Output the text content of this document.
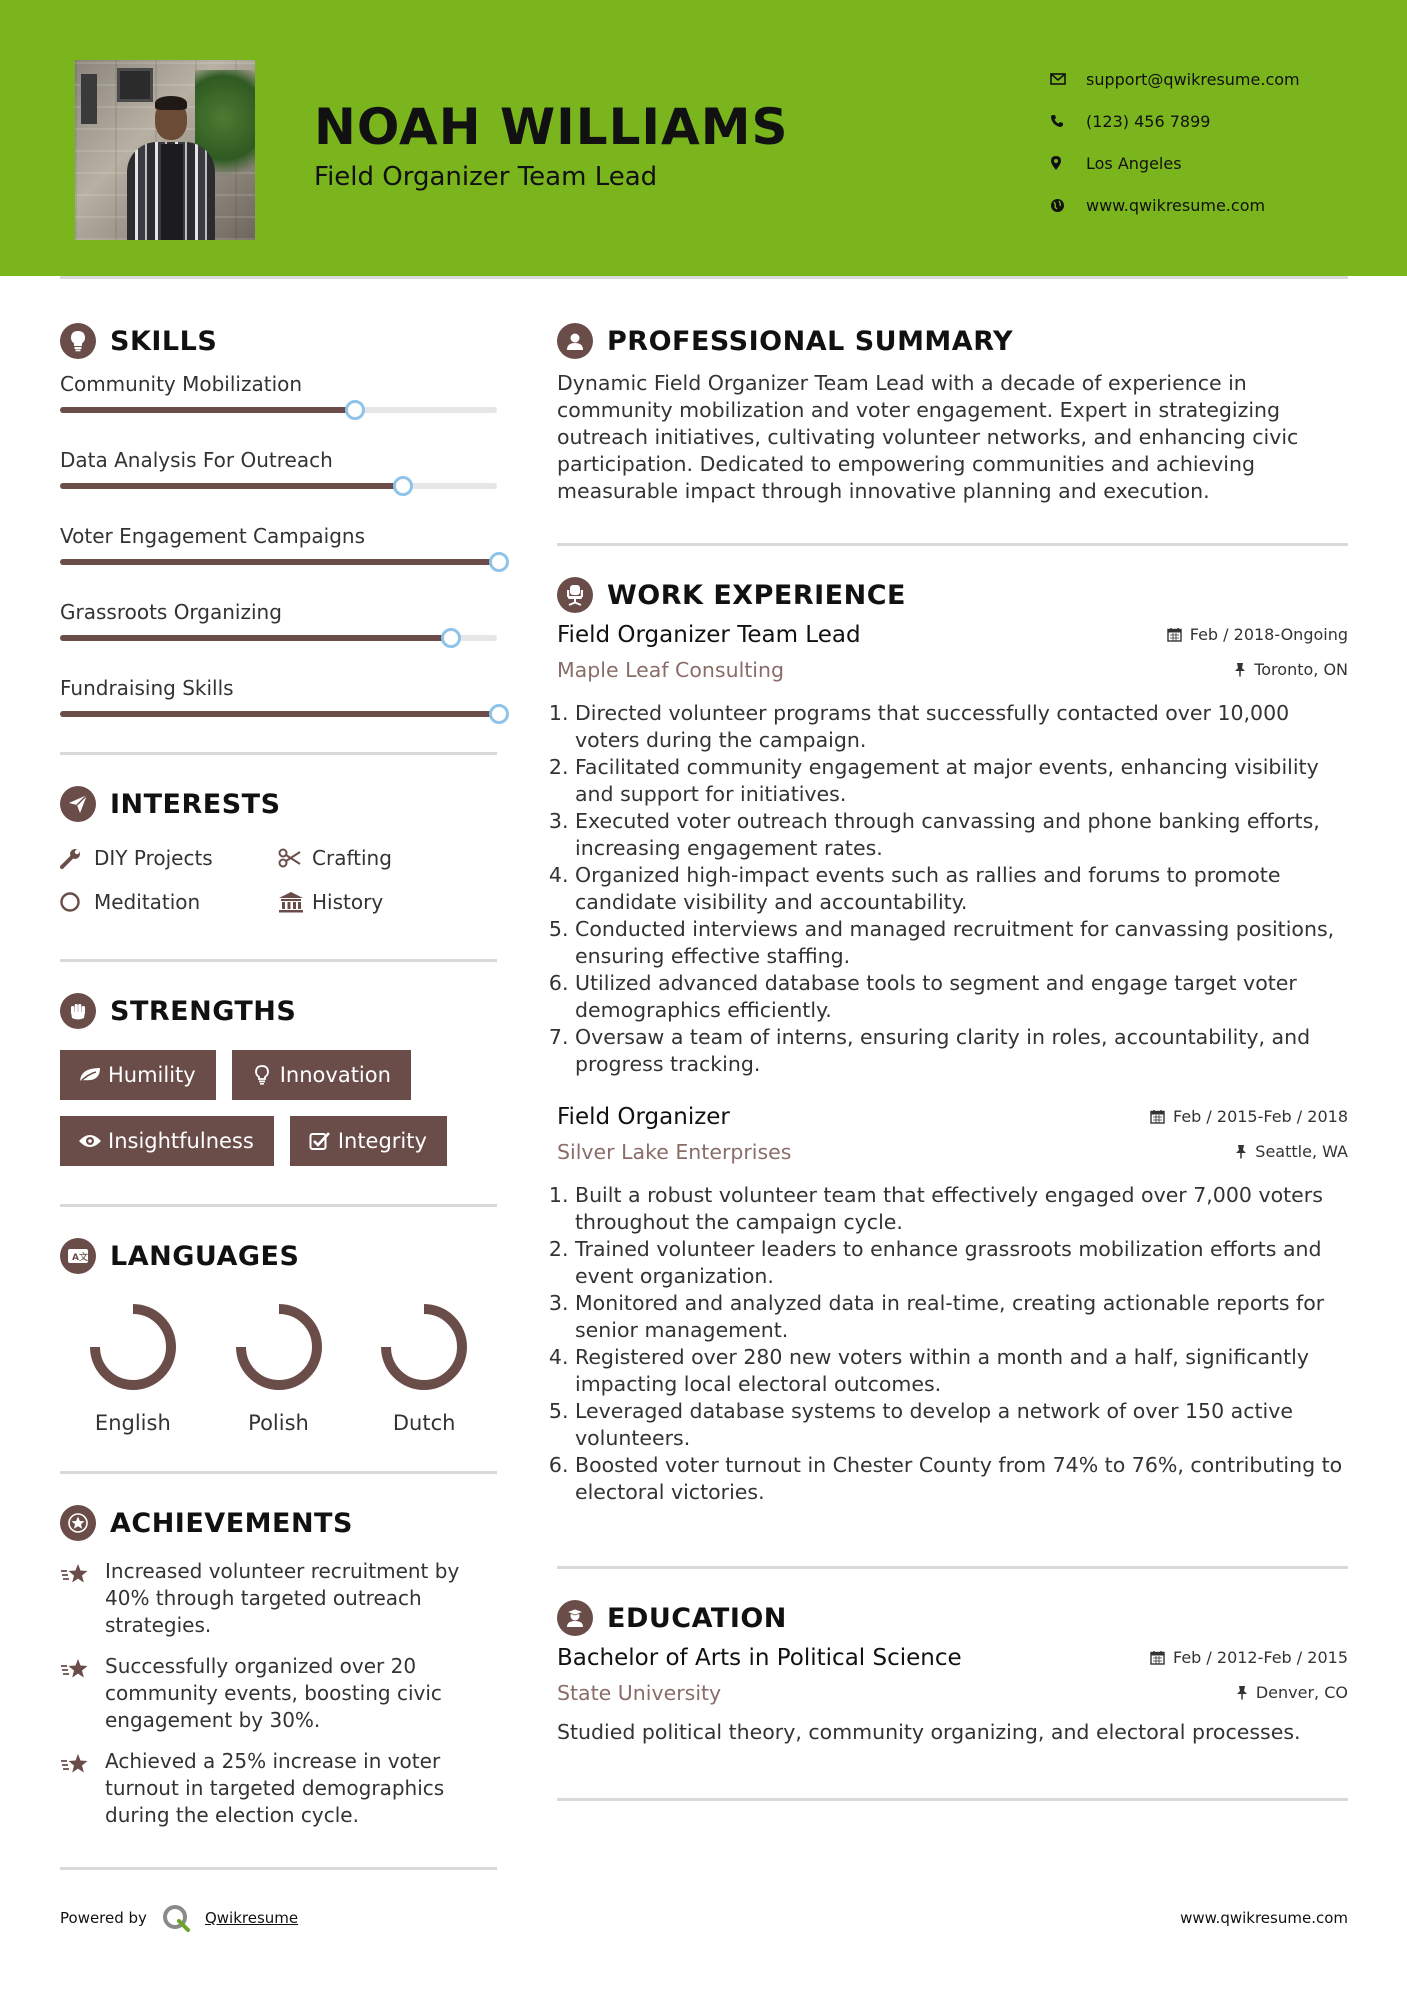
NOAH WILLIAMS
Field Organizer Team Lead
support@qwikresume.com
(123) 456 7899
Los Angeles
www.qwikresume.com
SKILLS
Community Mobilization
Data Analysis For Outreach
Voter Engagement Campaigns
Grassroots Organizing
Fundraising Skills
INTERESTS
DIY Projects	Crafting
Meditation	History
STRENGTHS
Humility	Innovation
Insightfulness	Integrity
A 文 LANGUAGES
English	Polish	Dutch
ACHIEVEMENTS
Increased volunteer recruitment by 40% through targeted outreach strategies.
Successfully organized over 20 community events, boosting civic engagement by 30%.
Achieved a 25% increase in voter turnout in targeted demographics during the election cycle.
PROFESSIONAL SUMMARY
Dynamic Field Organizer Team Lead with a decade of experience in community mobilization and voter engagement. Expert in strategizing outreach initiatives, cultivating volunteer networks, and enhancing civic participation. Dedicated to empowering communities and achieving measurable impact through innovative planning and execution.
WORK EXPERIENCE
Field Organizer Team Lead	Feb / 2018-Ongoing
Maple Leaf Consulting	Toronto, ON
1. Directed volunteer programs that successfully contacted over 10,000 voters during the campaign.
2. Facilitated community engagement at major events, enhancing visibility and support for initiatives.
3. Executed voter outreach through canvassing and phone banking efforts, increasing engagement rates.
4. Organized high-impact events such as rallies and forums to promote candidate visibility and accountability.
5. Conducted interviews and managed recruitment for canvassing positions, ensuring effective staffing.
6. Utilized advanced database tools to segment and engage target voter demographics efficiently.
7. Oversaw a team of interns, ensuring clarity in roles, accountability, and progress tracking.
Field Organizer	Feb / 2015-Feb / 2018
Silver Lake Enterprises	Seattle, WA
1. Built a robust volunteer team that effectively engaged over 7,000 voters throughout the campaign cycle.
2. Trained volunteer leaders to enhance grassroots mobilization efforts and event organization.
3. Monitored and analyzed data in real-time, creating actionable reports for senior management.
4. Registered over 280 new voters within a month and a half, significantly impacting local electoral outcomes.
5. Leveraged database systems to develop a network of over 150 active volunteers.
6. Boosted voter turnout in Chester County from 74% to 76%, contributing to electoral victories.
EDUCATION
Bachelor of Arts in Political Science	Feb / 2012-Feb / 2015
State University	Denver, CO
Studied political theory, community organizing, and electoral processes.
Powered by	Qwikresume	www.qwikresume.com
